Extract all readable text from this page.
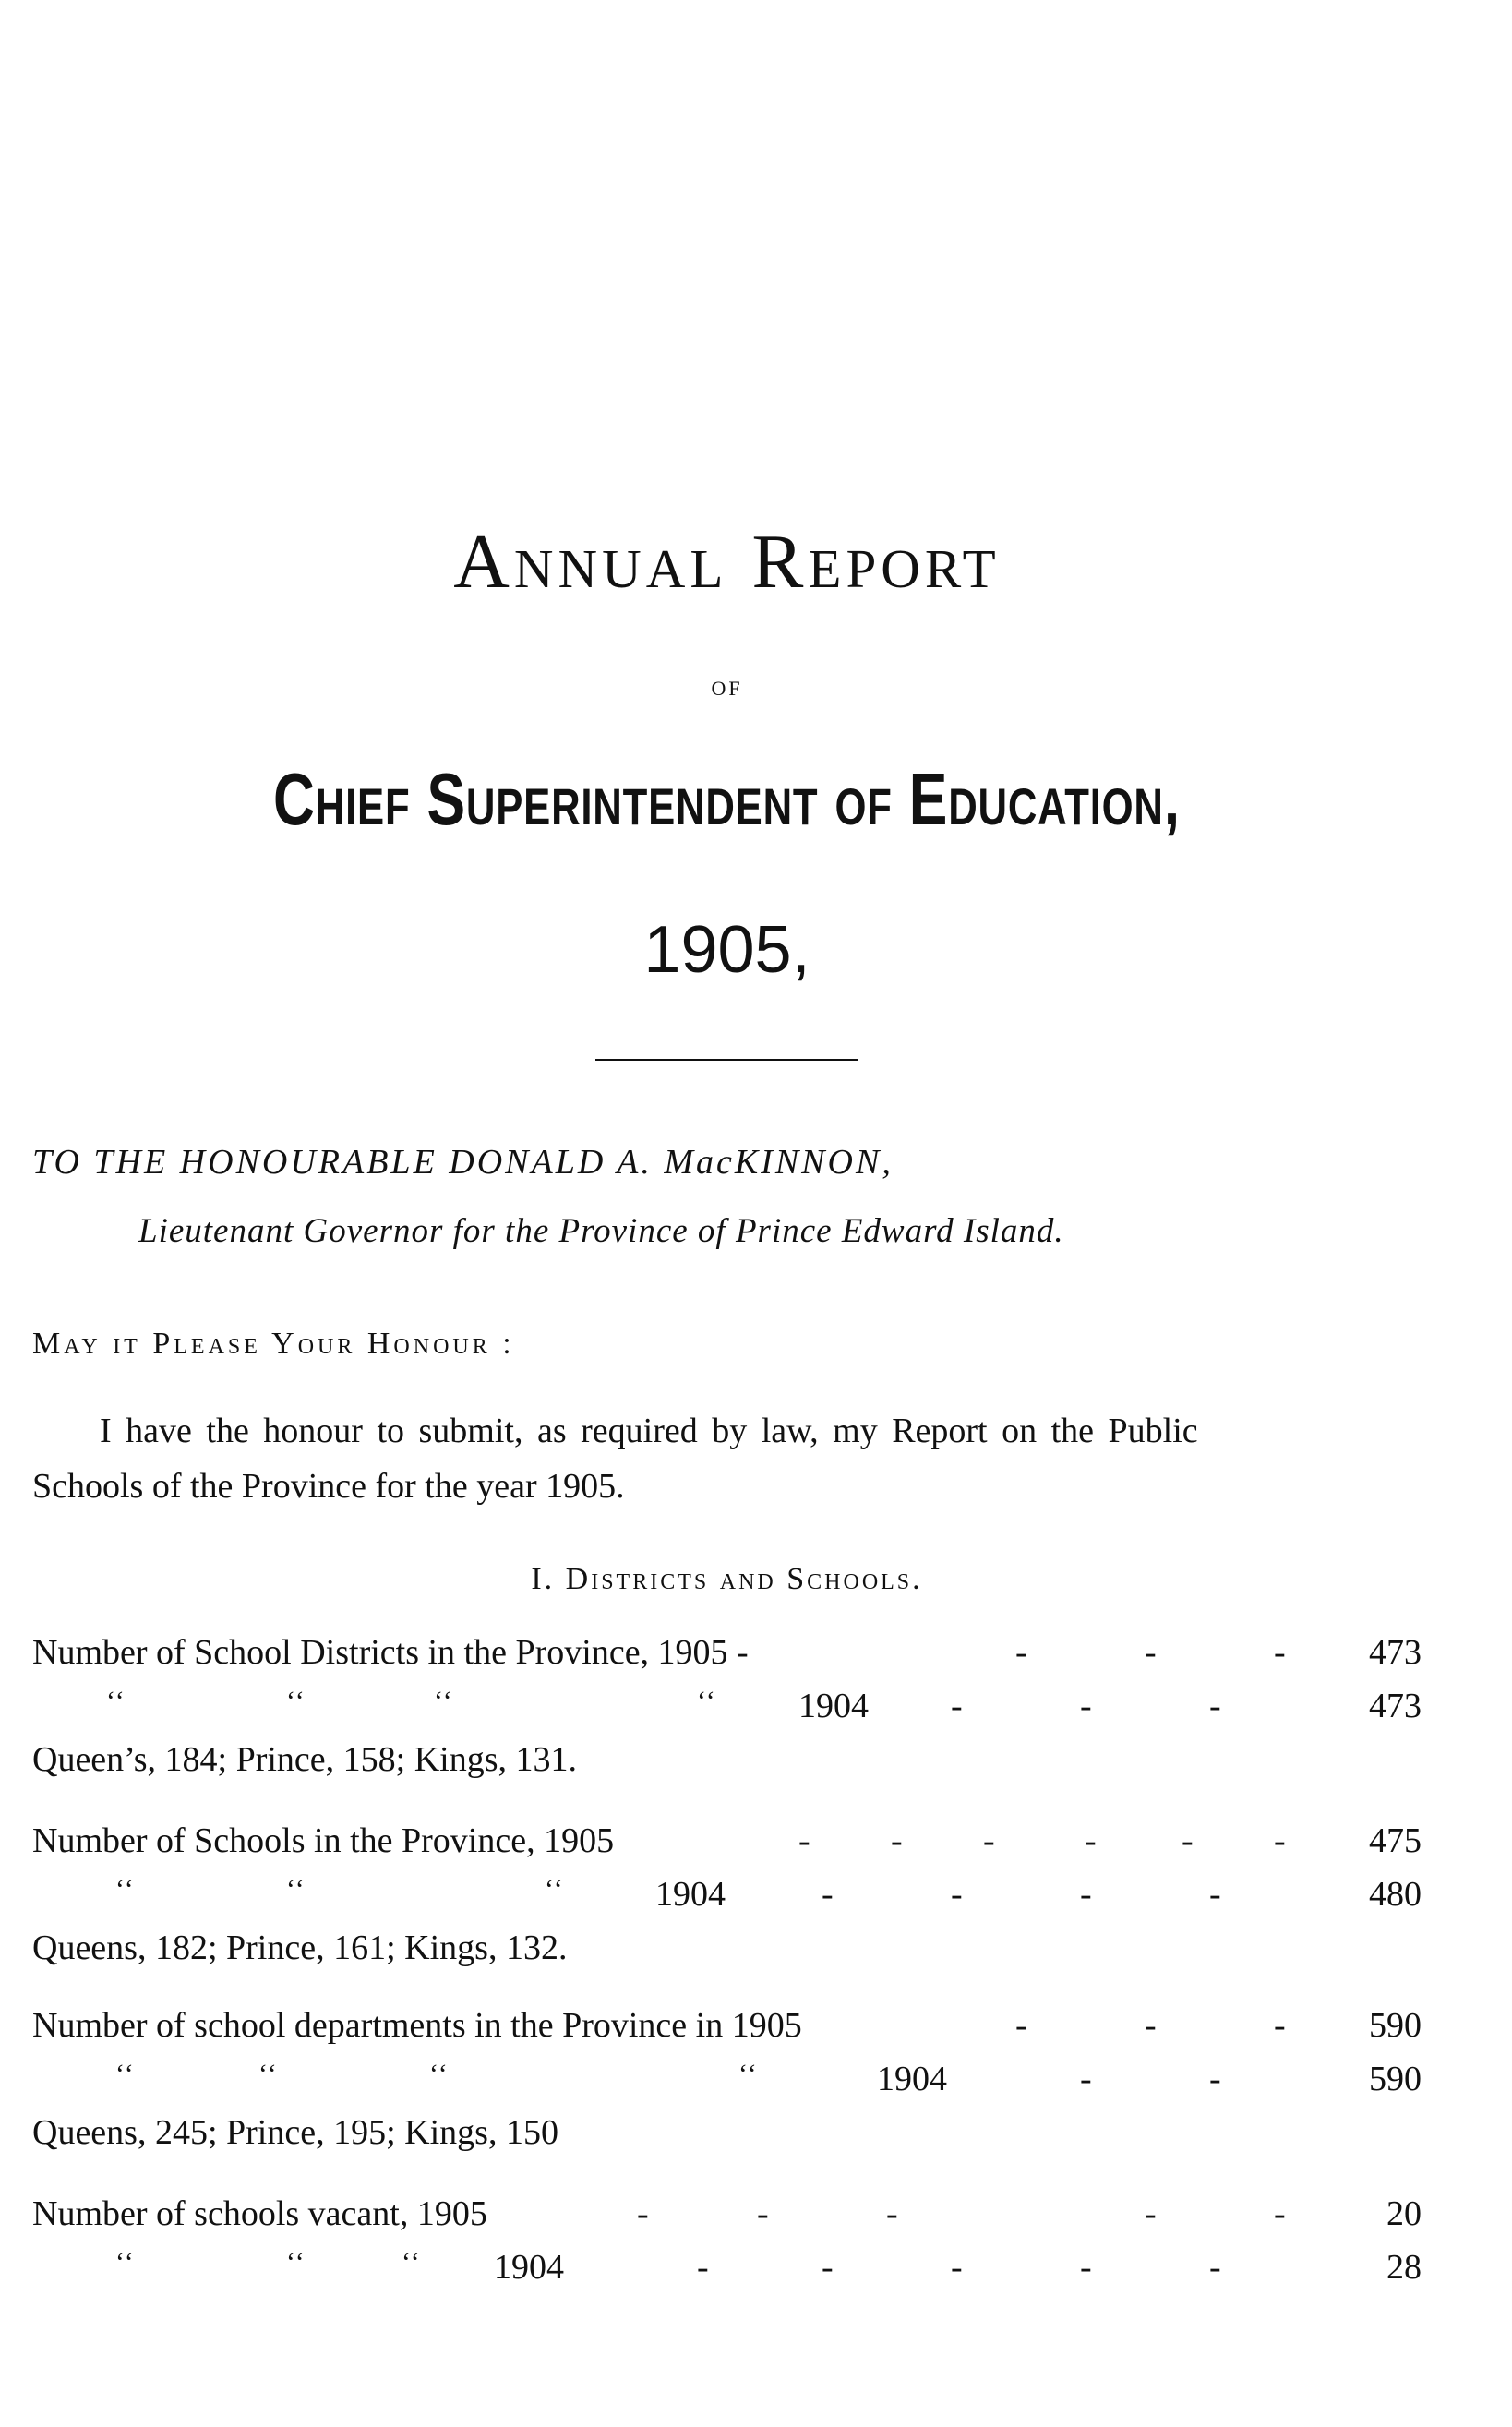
Annual Report
OF
Chief Superintendent of Education,
1905,
TO THE HONOURABLE DONALD A. MacKINNON,
Lieutenant Governor for the Province of Prince Edward Island.
May it Please Your Honour :
I have the honour to submit, as required by law, my Report on the Public
Schools of the Province for the year 1905.
I. Districts and Schools.
Number of School Districts in the Province, 1905 -	-	-	-	473
‘‘	‘‘	‘‘	‘‘ 1904 -	-	-	473
Queen’s, 184; Prince, 158; Kings, 131.
Number of Schools in the Province, 1905	- - -	- - -	475
‘‘	‘‘	‘‘	1904	-	-	-	-	480
Queens, 182; Prince, 161; Kings, 132.
Number of school departments in the Province in 1905	-	-	-	590
‘‘	‘‘	‘‘	‘‘	1904	-	-	590
Queens, 245; Prince, 195; Kings, 150
Number of schools vacant, 1905	-	-	-	-	-	20
‘‘	‘‘	‘‘ 1904	-	-	-	-	-	28
